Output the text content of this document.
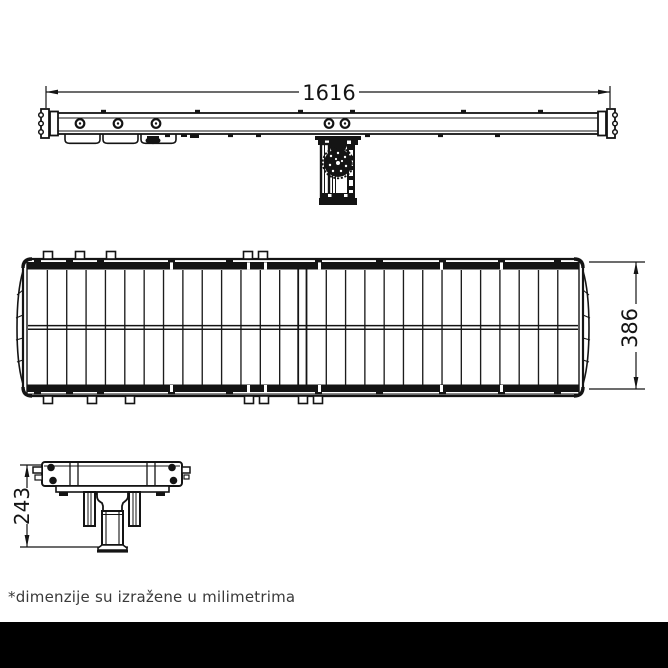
1616
386
243
*dimenzije su izražene u milimetrima
